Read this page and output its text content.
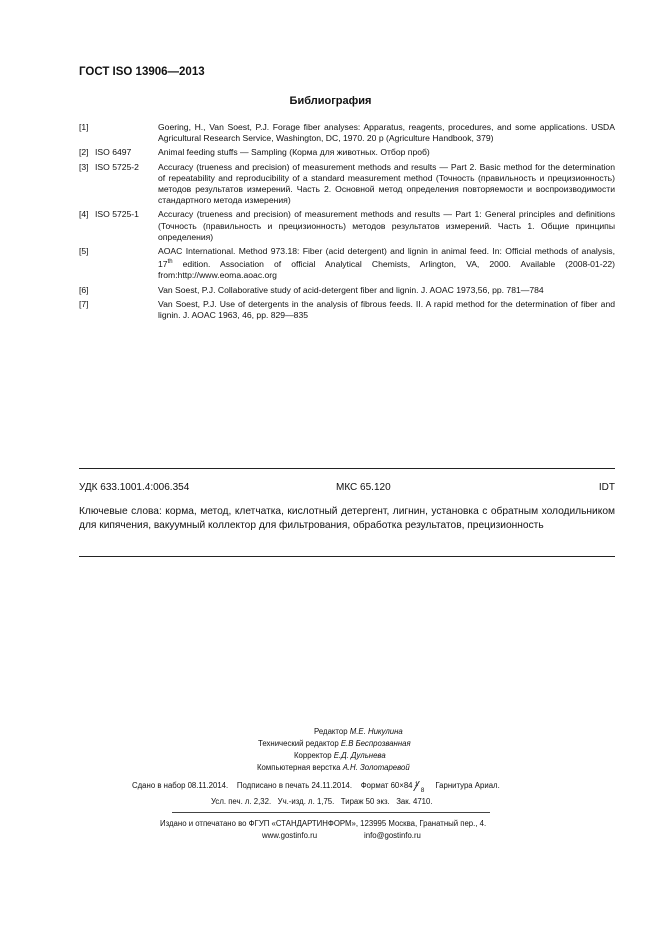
ГОСТ ISO 13906—2013
Библиография
[1]	Goering, H., Van Soest, P.J. Forage fiber analyses: Apparatus, reagents, procedures, and some applications. USDA Agricultural Research Service, Washington, DC, 1970. 20 p (Agriculture Handbook, 379)
[2] ISO 6497	Animal feeding stuffs — Sampling (Корма для животных. Отбор проб)
[3] ISO 5725-2 Accuracy (trueness and precision) of measurement methods and results — Part 2. Basic method for the determination of repeatability and reproducibility of a standard measurement method (Точность (правильность и прецизионность) методов результатов измерений. Часть 2. Основной метод определения повторяемости и воспроизводимости стандартного метода измерения)
[4] ISO 5725-1 Accuracy (trueness and precision) of measurement methods and results — Part 1: General principles and definitions (Точность (правильность и прецизионность) методов результатов измерений. Часть 1. Общие принципы определения)
[5]	AOAC International. Method 973.18: Fiber (acid detergent) and lignin in animal feed. In: Official methods of analysis, 17th edition. Association of official Analytical Chemists, Arlington, VA, 2000. Available (2008-01-22) from:http://www.eoma.aoac.org
[6]	Van Soest, P.J. Collaborative study of acid-detergent fiber and lignin. J. AOAC 1973,56, pp. 781—784
[7]	Van Soest, P.J. Use of detergents in the analysis of fibrous feeds. II. A rapid method for the determination of fiber and lignin. J. AOAC 1963, 46, pp. 829—835
УДК 633.1001.4:006.354	МКС 65.120	IDT
Ключевые слова: корма, метод, клетчатка, кислотный детергент, лигнин, установка с обратным холодильником для кипячения, вакуумный коллектор для фильтрования, обработка результатов, прецизионность
Редактор М.Е. Никулина
Технический редактор Е.В Беспрозванная
Корректор Е.Д. Дульнева
Компьютерная верстка А.Н. Золотаревой
Сдано в набор 08.11.2014. Подписано в печать 24.11.2014. Формат 60×84 1
8
Гарнитура Ариал.
Усл. печ. л. 2,32. Уч.-изд. л. 1,75. Тираж 50 экз. Зак. 4710.
Издано и отпечатано во ФГУП «СТАНДАРТИНФОРМ», 123995 Москва, Гранатный пер., 4.
www.gostinfo.ru	info@gostinfo.ru
